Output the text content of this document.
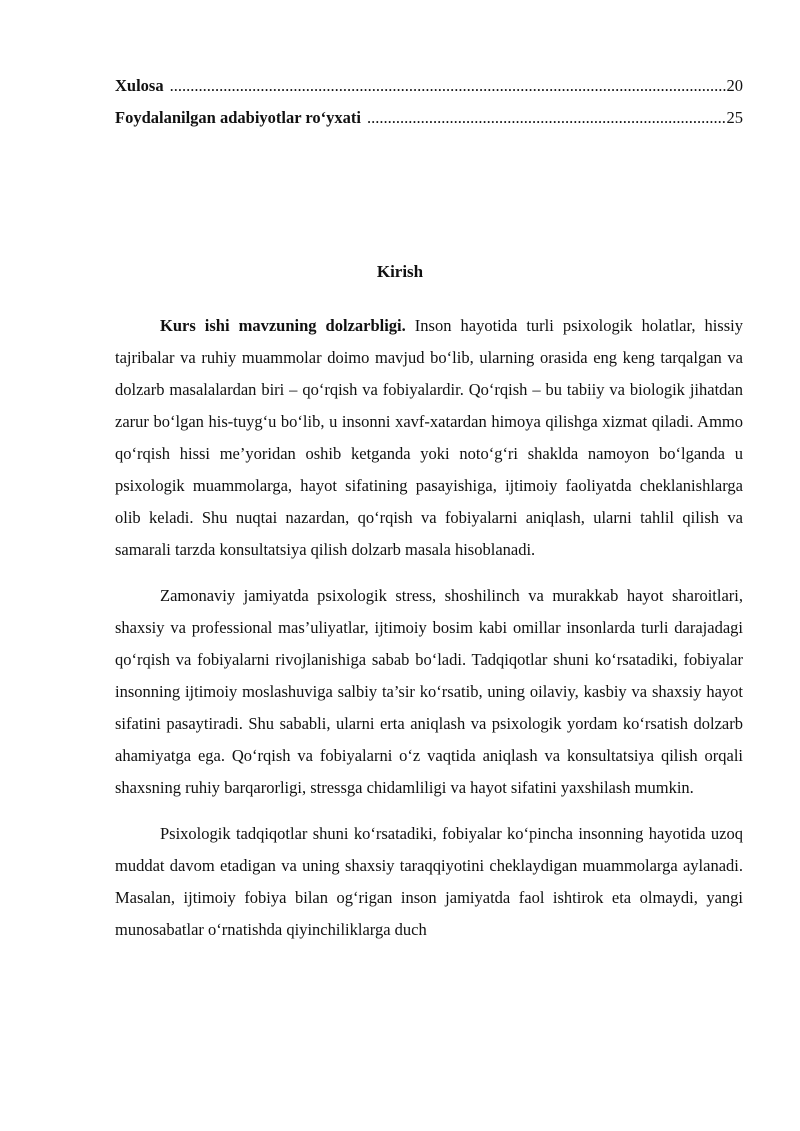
Xulosa .....	20
Foydalanilgan adabiyotlar ro‘yxati .....	25
Kirish

Kurs ishi mavzuning dolzarbligi. Inson hayotida turli psixologik holatlar, hissiy tajribalar va ruhiy muammolar doimo mavjud bo‘lib, ularning orasida eng keng tarqalgan va dolzarb masalalardan biri – qo‘rqish va fobiyalardir. Qo‘rqish – bu tabiiy va biologik jihatdan zarur bo‘lgan his-tuyg‘u bo‘lib, u insonni xavf-xatardan himoya qilishga xizmat qiladi. Ammo qo‘rqish hissi me’yoridan oshib ketganda yoki noto‘g‘ri shaklda namoyon bo‘lganda u psixologik muammolarga, hayot sifatining pasayishiga, ijtimoiy faoliyatda cheklanishlarga olib keladi. Shu nuqtai nazardan, qo‘rqish va fobiyalarni aniqlash, ularni tahlil qilish va samarali tarzda konsultatsiya qilish dolzarb masala hisoblanadi.

Zamonaviy jamiyatda psixologik stress, shoshilinch va murakkab hayot sharoitlari, shaxsiy va professional mas’uliyatlar, ijtimoiy bosim kabi omillar insonlarda turli darajadagi qo‘rqish va fobiyalarni rivojlanishiga sabab bo‘ladi. Tadqiqotlar shuni ko‘rsatadiki, fobiyalar insonning ijtimoiy moslashuviga salbiy ta’sir ko‘rsatib, uning oilaviy, kasbiy va shaxsiy hayot sifatini pasaytiradi. Shu sababli, ularni erta aniqlash va psixologik yordam ko‘rsatish dolzarb ahamiyatga ega. Qo‘rqish va fobiyalarni o‘z vaqtida aniqlash va konsultatsiya qilish orqali shaxsning ruhiy barqarorligi, stressga chidamliligi va hayot sifatini yaxshilash mumkin.

Psixologik tadqiqotlar shuni ko‘rsatadiki, fobiyalar ko‘pincha insonning hayotida uzoq muddat davom etadigan va uning shaxsiy taraqqiyotini cheklaydigan muammolarga aylanadi. Masalan, ijtimoiy fobiya bilan og‘rigan inson jamiyatda faol ishtirok eta olmaydi, yangi munosabatlar o‘rnatishda qiyinchiliklarga duch
